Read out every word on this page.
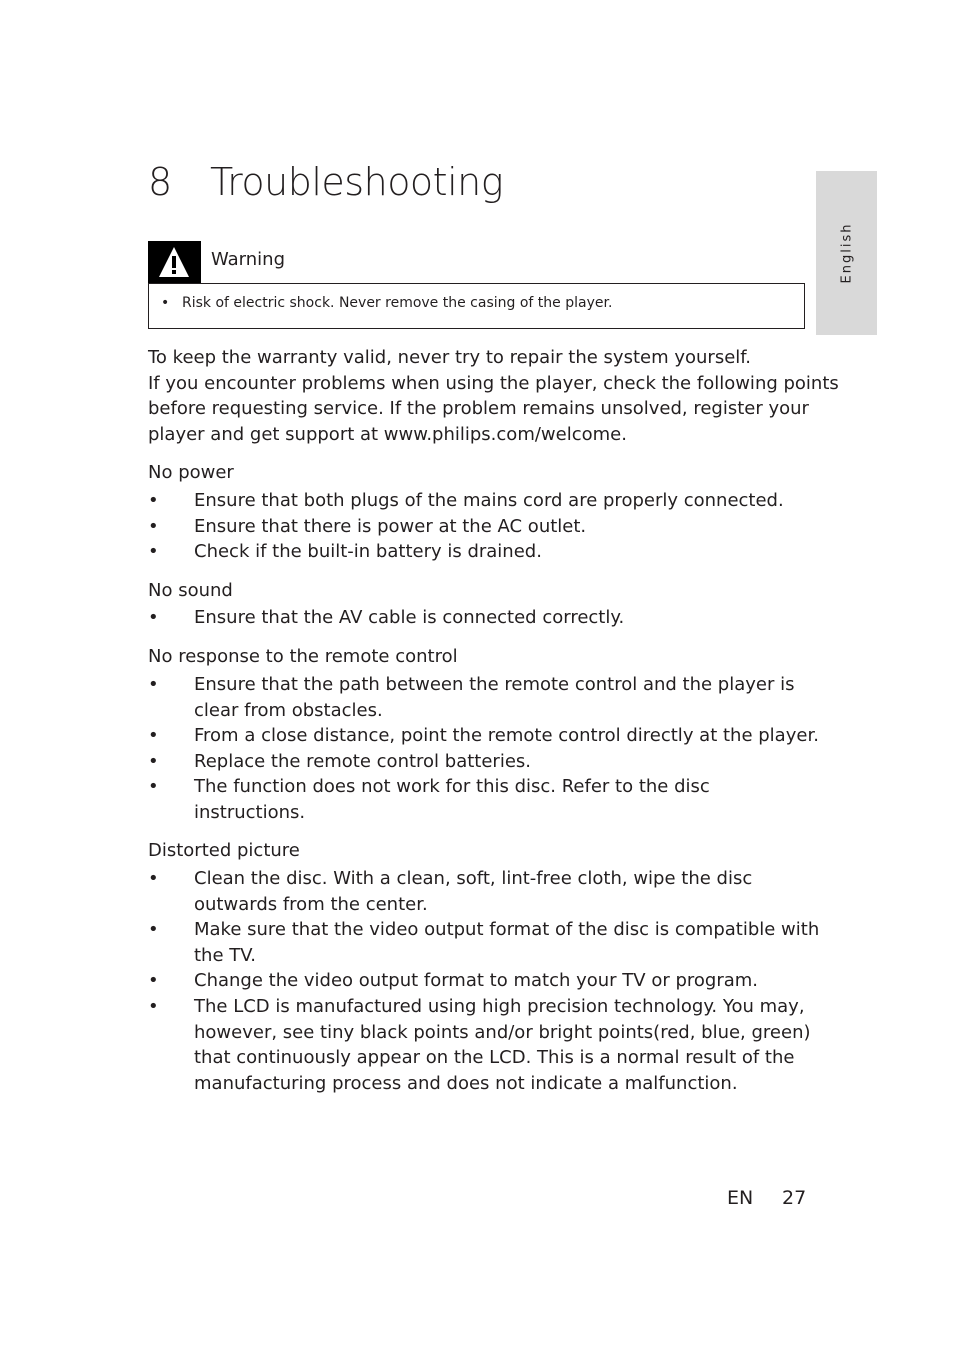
8 Troubleshooting
English
Warning
• Risk of electric shock. Never remove the casing of the player.

To keep the warranty valid, never try to repair the system yourself.

If you encounter problems when using the player, check the following points

before requesting service. If the problem remains unsolved, register your

player and get support at www.philips.com/welcome.

No power
• Ensure that both plugs of the mains cord are properly connected.
• Ensure that there is power at the AC outlet.
• Check if the built-in battery is drained.
No sound
• Ensure that the AV cable is connected correctly.
No response to the remote control
• Ensure that the path between the remote control and the player is
clear from obstacles.
• From a close distance, point the remote control directly at the player.
• Replace the remote control batteries.
• The function does not work for this disc. Refer to the disc
instructions.
Distorted picture
• Clean the disc. With a clean, soft, lint-free cloth, wipe the disc
outwards from the center.
• Make sure that the video output format of the disc is compatible with
the TV.
• Change the video output format to match your TV or program.
• The LCD is manufactured using high precision technology. You may,
however, see tiny black points and/or bright points(red, blue, green)
that continuously appear on the LCD. This is a normal result of the
manufacturing process and does not indicate a malfunction.
EN 27
